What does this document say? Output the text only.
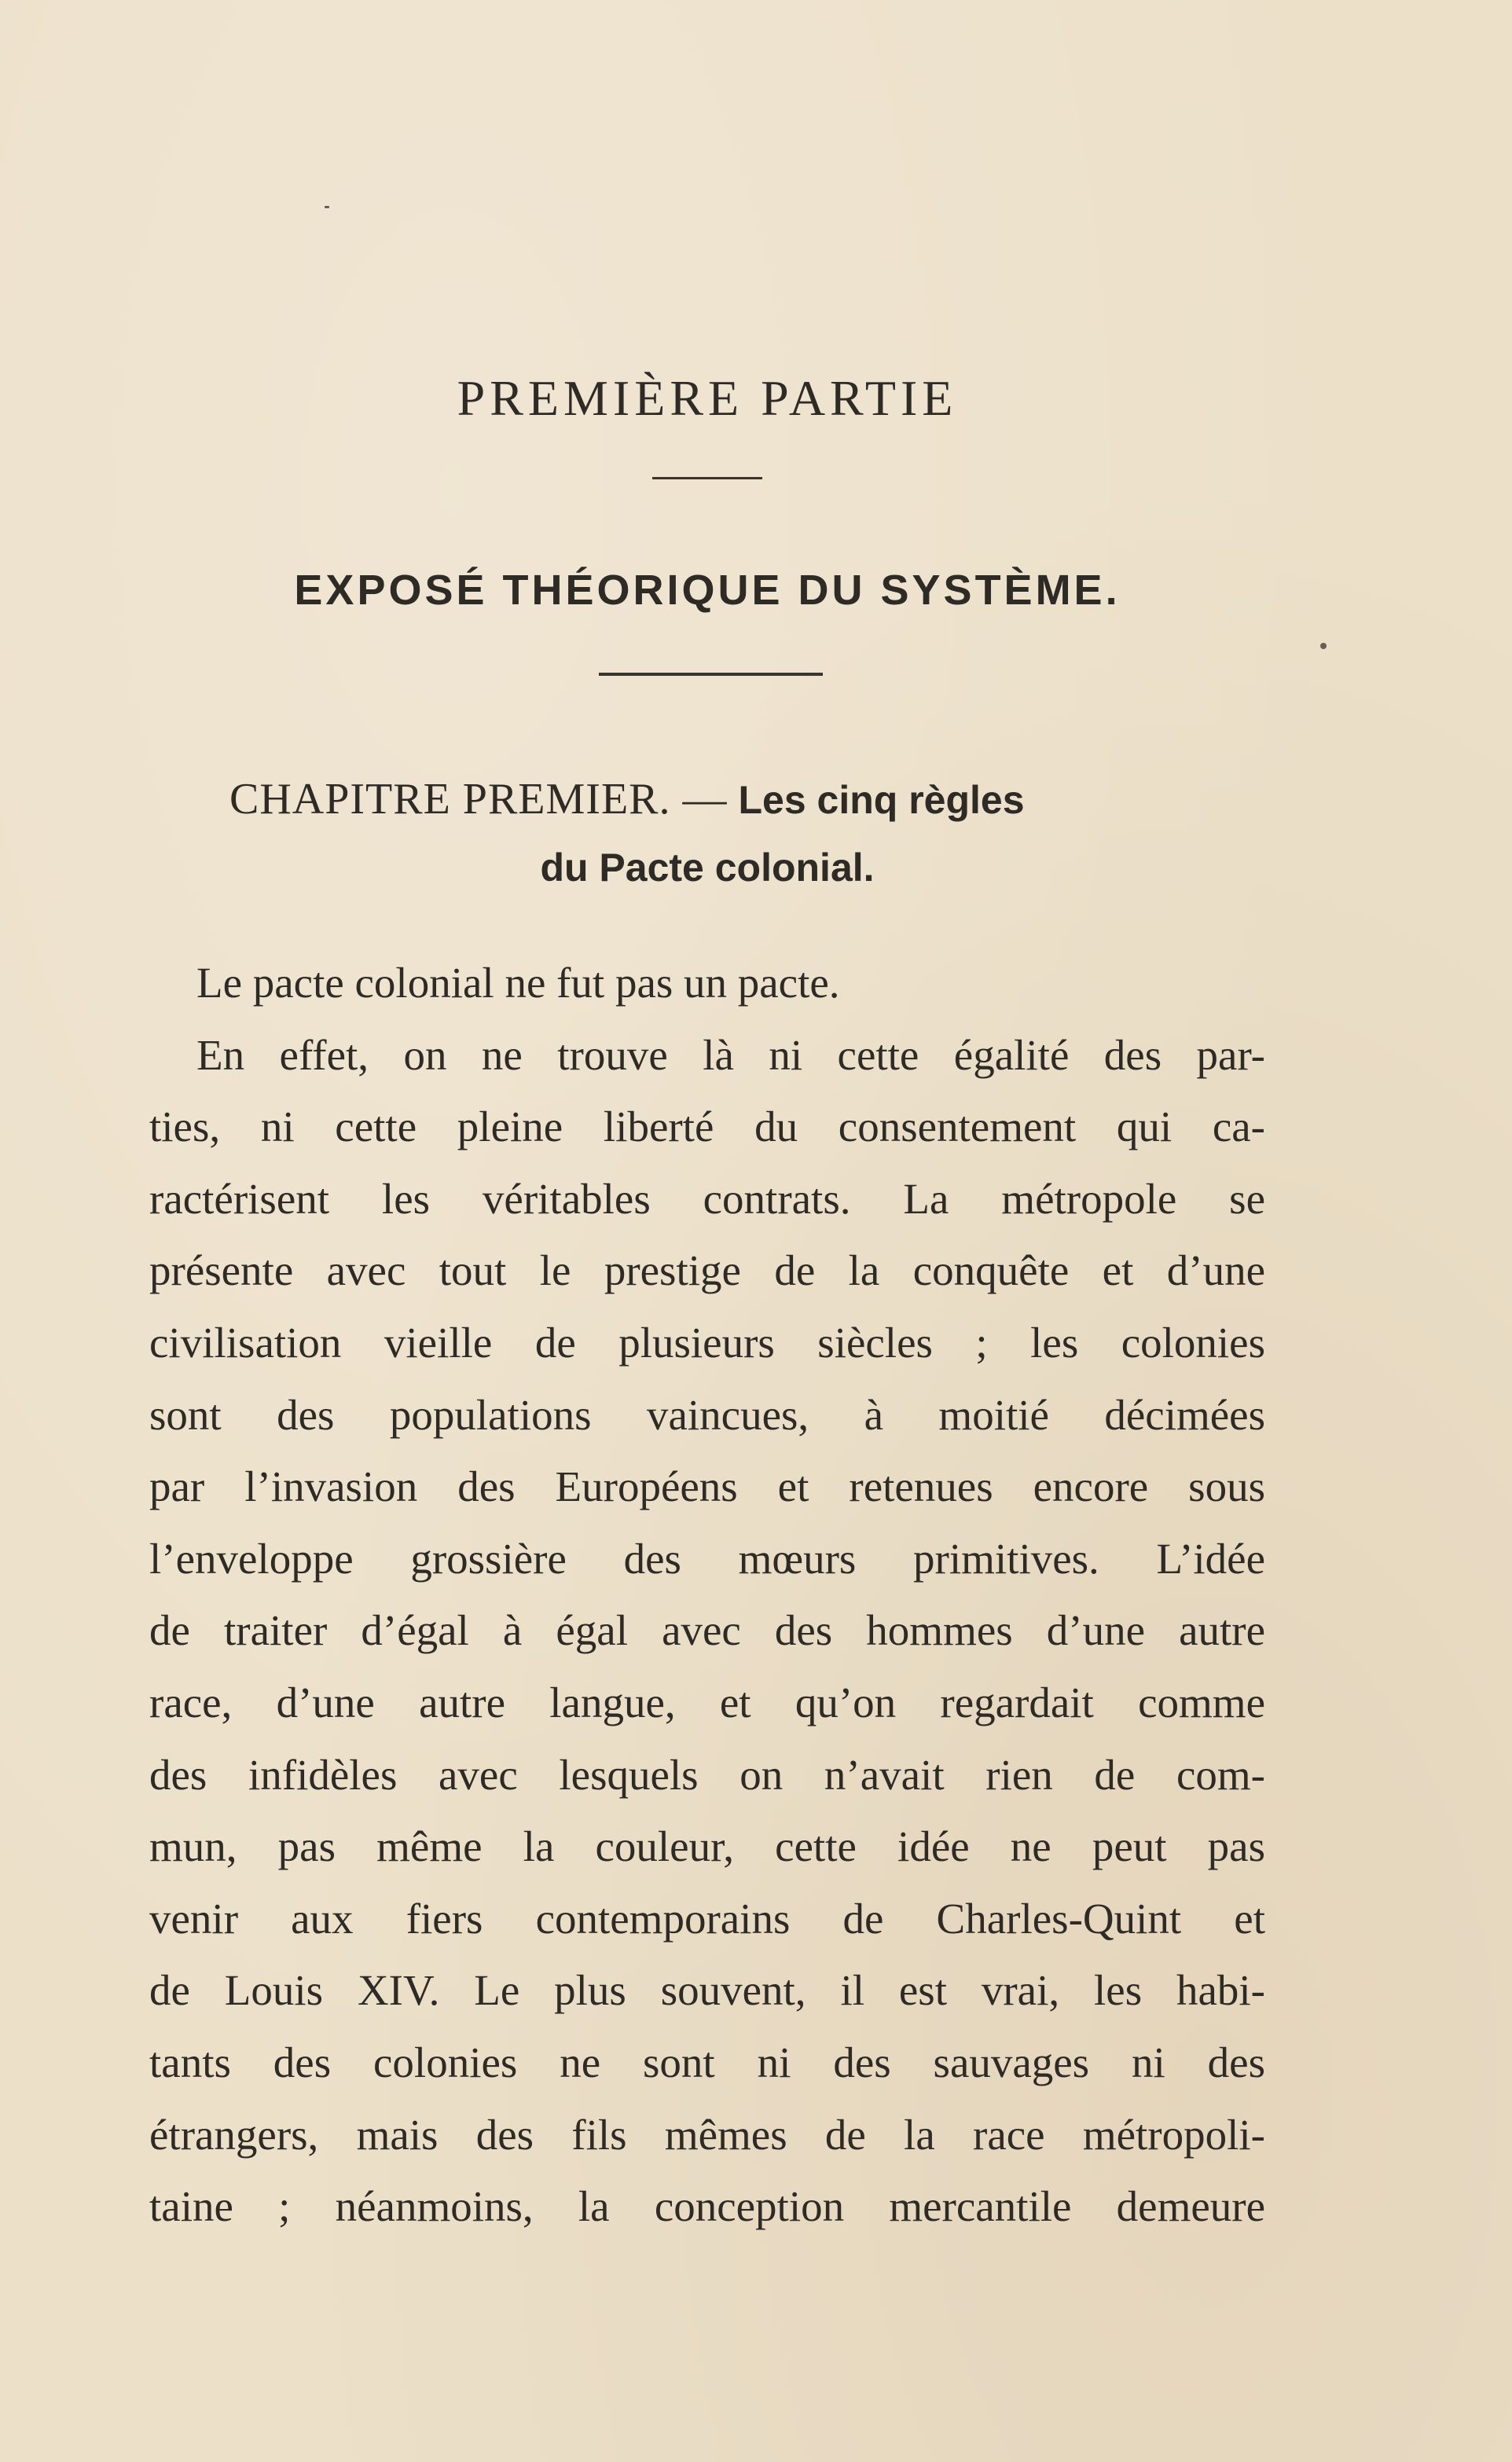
PREMIÈRE PARTIE
EXPOSÉ THÉORIQUE DU SYSTÈME.
CHAPITRE PREMIER. — Les cinq règles
du Pacte colonial.
Le pacte colonial ne fut pas un pacte.
En effet, on ne trouve là ni cette égalité des par-
ties, ni cette pleine liberté du consentement qui ca-
ractérisent les véritables contrats. La métropole se
présente avec tout le prestige de la conquête et d’une
civilisation vieille de plusieurs siècles ; les colonies
sont des populations vaincues, à moitié décimées
par l’invasion des Européens et retenues encore sous
l’enveloppe grossière des mœurs primitives. L’idée
de traiter d’égal à égal avec des hommes d’une autre
race, d’une autre langue, et qu’on regardait comme
des infidèles avec lesquels on n’avait rien de com-
mun, pas même la couleur, cette idée ne peut pas
venir aux fiers contemporains de Charles-Quint et
de Louis XIV. Le plus souvent, il est vrai, les habi-
tants des colonies ne sont ni des sauvages ni des
étrangers, mais des fils mêmes de la race métropoli-
taine ; néanmoins, la conception mercantile demeure
